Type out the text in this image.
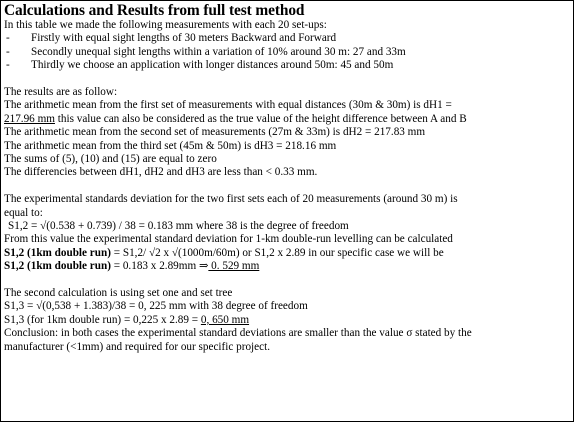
Calculations and Results from full test method
In this table we made the following measurements with each 20 set-ups:
- Firstly with equal sight lengths of 30 meters Backward and Forward
- Secondly unequal sight lengths within a variation of 10% around 30 m: 27 and 33m
- Thirdly we choose an application with longer distances around 50m: 45 and 50m
The results are as follow:
The arithmetic mean from the first set of measurements with equal distances (30m & 30m) is dH1 =
217.96 mm this value can also be considered as the true value of the height difference between A and B
The arithmetic mean from the second set of measurements (27m & 33m) is dH2 = 217.83 mm
The arithmetic mean from the third set (45m & 50m) is dH3 = 218.16 mm
The sums of (5), (10) and (15) are equal to zero
The differencies between dH1, dH2 and dH3 are less than < 0.33 mm.
The experimental standards deviation for the two first sets each of 20 measurements (around 30 m) is
equal to:
S1,2 = √(0.538 + 0.739) / 38 = 0.183 mm where 38 is the degree of freedom
From this value the experimental standard deviation for 1-km double-run levelling can be calculated
S1,2 (1km double run) = S1,2/ √2 x √(1000m/60m) or S1,2 x 2.89 in our specific case we will be
S1,2 (1km double run) = 0.183 x 2.89mm ⇒ 0. 529 mm
The second calculation is using set one and set tree
S1,3 = √(0,538 + 1.383)/38 = 0, 225 mm with 38 degree of freedom
S1,3 (for 1km double run) = 0,225 x 2.89 = 0, 650 mm
Conclusion: in both cases the experimental standard deviations are smaller than the value σ stated by the
manufacturer (<1mm) and required for our specific project.
